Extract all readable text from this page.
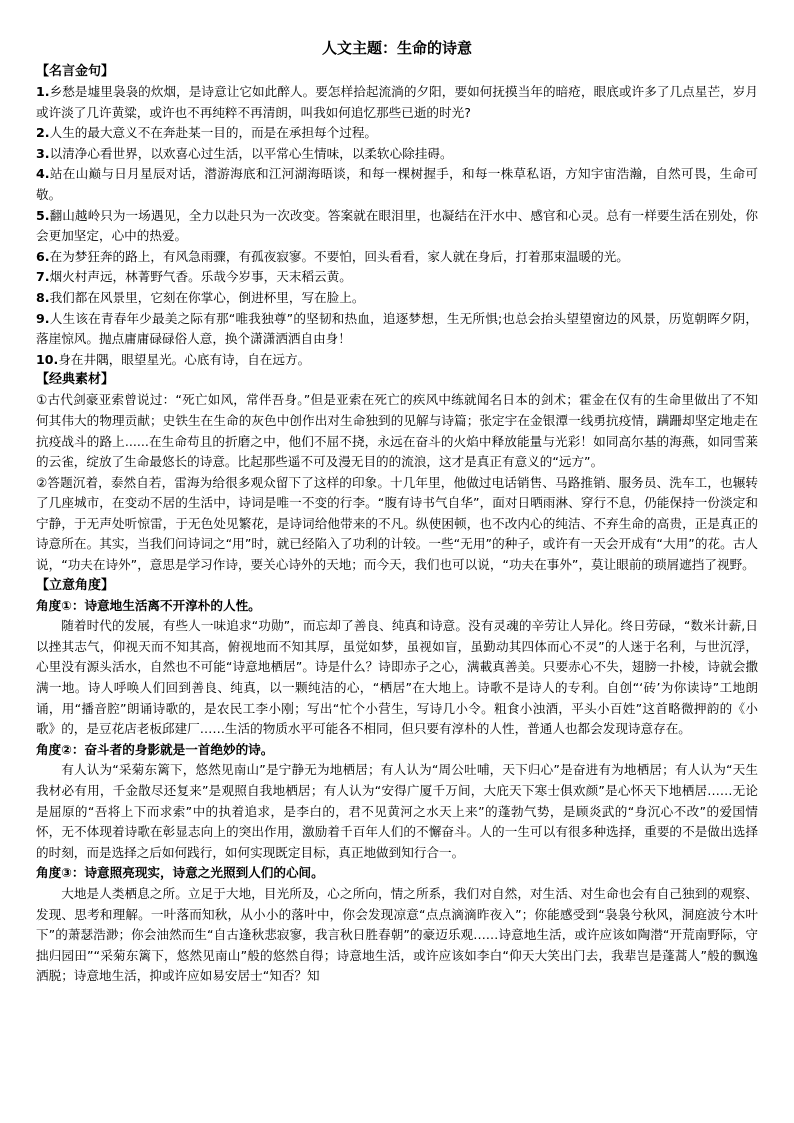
人文主题：生命的诗意
【名言金句】

1.乡愁是墟里袅袅的炊烟，是诗意让它如此醉人。要怎样拾起流淌的夕阳，要如何抚摸当年的暗疮，眼底或许多了几点星芒，岁月或许淡了几许黄粱，或许也不再纯粹不再清朗，叫我如何追忆那些已逝的时光?

2.人生的最大意义不在奔赴某一目的，而是在承担每个过程。

3.以清净心看世界，以欢喜心过生活，以平常心生情味，以柔软心除挂碍。

4.站在山巅与日月星辰对话，潜游海底和江河湖海晤谈，和每一棵树握手，和每一株草私语，方知宇宙浩瀚，自然可畏，生命可敬。

5.翻山越岭只为一场遇见，全力以赴只为一次改变。答案就在眼泪里，也凝结在汗水中、感官和心灵。总有一样要生活在别处，你会更加坚定，心中的热爱。

6.在为梦狂奔的路上，有风急雨骤，有孤夜寂寥。不要怕，回头看看，家人就在身后，打着那束温暖的光。

7.烟火村声远，林菁野气香。乐哉今岁事，天末稻云黄。

8.我们都在风景里，它刻在你掌心，倒进杯里，写在脸上。

9.人生该在青春年少最美之际有那“唯我独尊”的坚韧和热血，追逐梦想，生无所惧;也总会抬头望望窗边的风景，历览朝晖夕阴，落崖惊风。抛点庸庸碌碌俗人意，换个潇潇洒洒自由身！

10.身在井隅，眼望星光。心底有诗，自在远方。

【经典素材】

①古代剑豪亚索曾说过：“死亡如风，常伴吾身。”但是亚索在死亡的疾风中练就闻名日本的剑术；霍金在仅有的生命里做出了不知何其伟大的物理贡献；史铁生在生命的灰色中创作出对生命独到的见解与诗篇；张定宇在金银潭一线勇抗疫情，蹒跚却坚定地走在抗疫战斗的路上......在生命苟且的折磨之中，他们不屈不挠，永远在奋斗的火焰中释放能量与光彩！如同高尔基的海燕，如同雪莱的云雀，绽放了生命最悠长的诗意。比起那些遥不可及漫无目的的流浪，这才是真正有意义的“远方”。

②答题沉着，泰然自若，雷海为给很多观众留下了这样的印象。十几年里，他做过电话销售、马路推销、服务员、洗车工，也辗转了几座城市，在变动不居的生活中，诗词是唯一不变的行李。“腹有诗书气自华”，面对日晒雨淋、穿行不息，仍能保持一份淡定和宁静，于无声处听惊雷，于无色处见繁花，是诗词给他带来的不凡。纵使困顿，也不改内心的纯洁、不弃生命的高贵，正是真正的诗意所在。其实，当我们问诗词之“用”时，就已经陷入了功利的计较。一些“无用”的种子，或许有一天会开成有“大用”的花。古人说，“功夫在诗外”，意思是学习作诗，要关心诗外的天地；而今天，我们也可以说，“功夫在事外”，莫让眼前的琐屑遮挡了视野。

【立意角度】
角度①：诗意地生活离不开淳朴的人性。

随着时代的发展，有些人一味追求“功勋”，而忘却了善良、纯真和诗意。没有灵魂的辛劳让人异化。终日劳碌，“数米计薪,日以挫其志气，仰视天而不知其高，俯视地而不知其厚，虽觉如梦，虽视如盲，虽勤动其四体而心不灵”的人迷于名利，与世沉浮，心里没有源头活水，自然也不可能“诗意地栖居”。诗是什么？诗即赤子之心，满載真善美。只要赤心不失，翅膀一扑棱，诗就会撒满一地。诗人呼唤人们回到善良、纯真，以一颗纯洁的心，“栖居”在大地上。诗歌不是诗人的专利。自创“‘砖’为你读诗”工地朗诵，用“播音腔”朗诵诗歌的，是农民工李小刚；写出“忙个小营生，写诗几小令。粗食小浊酒，平头小百姓”这首略微押韵的《小歌》的，是豆花店老板邱建厂……生活的物质水平可能各不相同，但只要有淳朴的人性，普通人也都会发现诗意存在。

角度②：奋斗者的身影就是一首绝妙的诗。

有人认为“采菊东篱下，悠然见南山”是宁静无为地栖居；有人认为“周公吐哺，天下归心”是奋进有为地栖居；有人认为“天生我材必有用，千金散尽还复来”是观照自我地栖居；有人认为“安得广厦千万间，大庇天下寒士俱欢颜”是心怀天下地栖居……无论是屈原的“吾将上下而求索”中的执着追求，是李白的，君不见黄河之水天上来”的蓬勃气势，是顾炎武的“身沉心不改”的爱国情怀，无不体现着诗歌在彰显志向上的突出作用，激励着千百年人们的不懈奋斗。人的一生可以有很多种选择，重要的不是做出选择的时刻，而是选择之后如何践行，如何实现既定目标，真正地做到知行合一。

角度③：诗意照亮现实，诗意之光照到人们的心间。

大地是人类栖息之所。立足于大地，目光所及，心之所向，情之所系，我们对自然，对生活、对生命也会有自己独到的观察、发现、思考和理解。一叶落而知秋，从小小的落叶中，你会发现凉意“点点滴滴昨夜入”；你能感受到“袅袅兮秋风，洞庭波兮木叶下”的萧瑟浩渺；你会油然而生“自古逢秋悲寂寥，我言秋日胜春朝”的豪迈乐观……诗意地生活，或许应该如陶潜“开荒南野际，守拙归园田”“采菊东篱下，悠然见南山”般的悠然自得；诗意地生活，或许应该如李白“仰天大笑出门去，我辈岂是蓬蒿人”般的飘逸洒脱；诗意地生活，抑或许应如易安居士“知否？知
